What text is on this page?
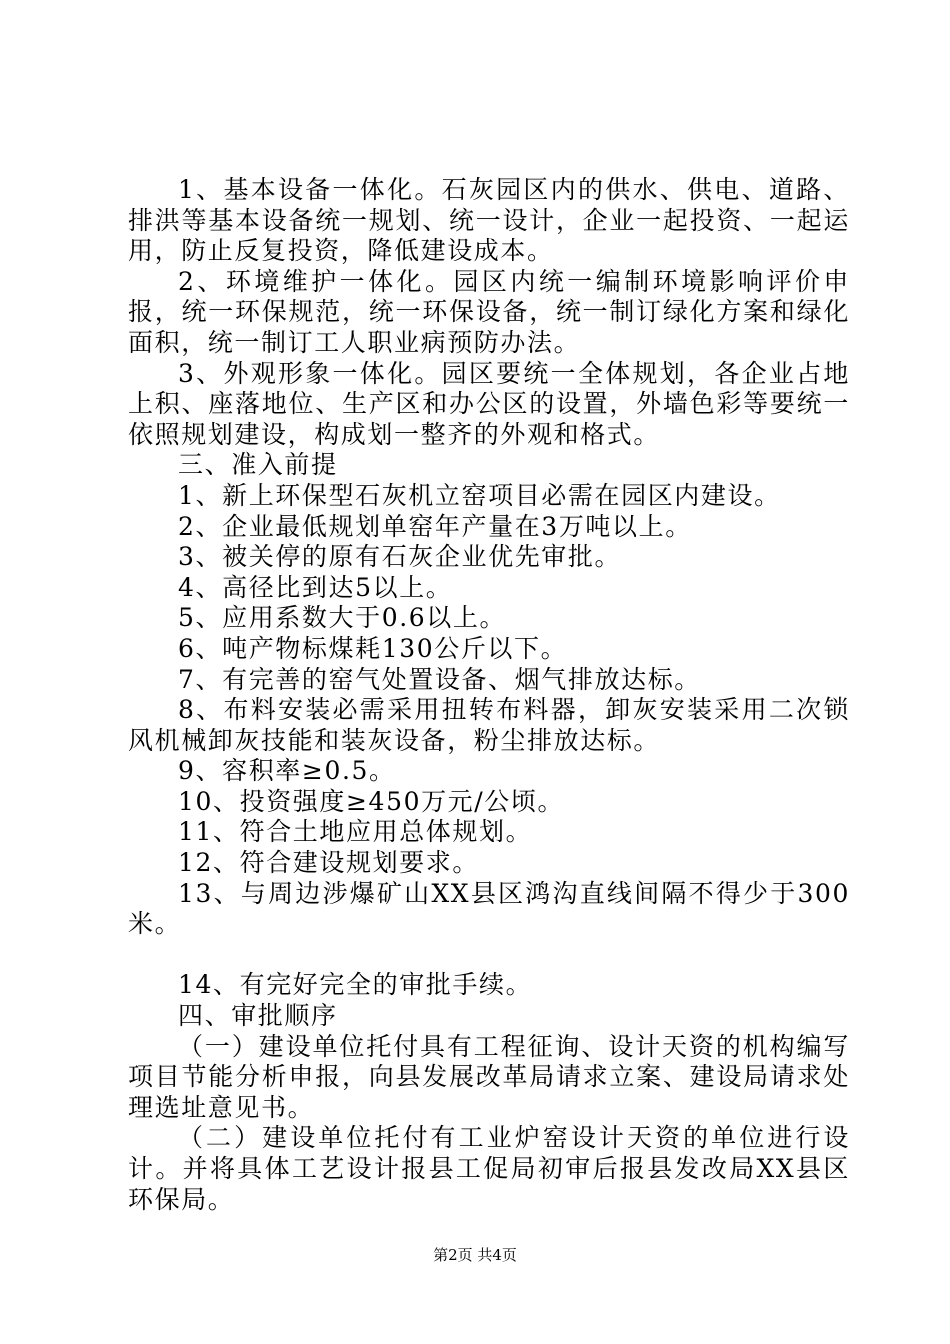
1、基本设备一体化。石灰园区内的供水、供电、道路、排洪等基本设备统一规划、统一设计，企业一起投资、一起运用，防止反复投资，降低建设成本。

2、环境维护一体化。园区内统一编制环境影响评价申报，统一环保规范，统一环保设备，统一制订绿化方案和绿化面积，统一制订工人职业病预防办法。

3、外观形象一体化。园区要统一全体规划，各企业占地上积、座落地位、生产区和办公区的设置，外墙色彩等要统一依照规划建设，构成划一整齐的外观和格式。

三、准入前提

1、新上环保型石灰机立窑项目必需在园区内建设。

2、企业最低规划单窑年产量在3万吨以上。

3、被关停的原有石灰企业优先审批。

4、高径比到达5以上。

5、应用系数大于0.6以上。

6、吨产物标煤耗130公斤以下。

7、有完善的窑气处置设备、烟气排放达标。

8、布料安装必需采用扭转布料器，卸灰安装采用二次锁风机械卸灰技能和装灰设备，粉尘排放达标。

9、容积率≥0.5。

10、投资强度≥450万元/公顷。

11、符合土地应用总体规划。

12、符合建设规划要求。

13、与周边涉爆矿山XX县区鸿沟直线间隔不得少于300米。

14、有完好完全的审批手续。

四、审批顺序

（一）建设单位托付具有工程征询、设计天资的机构编写项目节能分析申报，向县发展改革局请求立案、建设局请求处理选址意见书。

（二）建设单位托付有工业炉窑设计天资的单位进行设计。并将具体工艺设计报县工促局初审后报县发改局XX县区环保局。

第2页 共4页
